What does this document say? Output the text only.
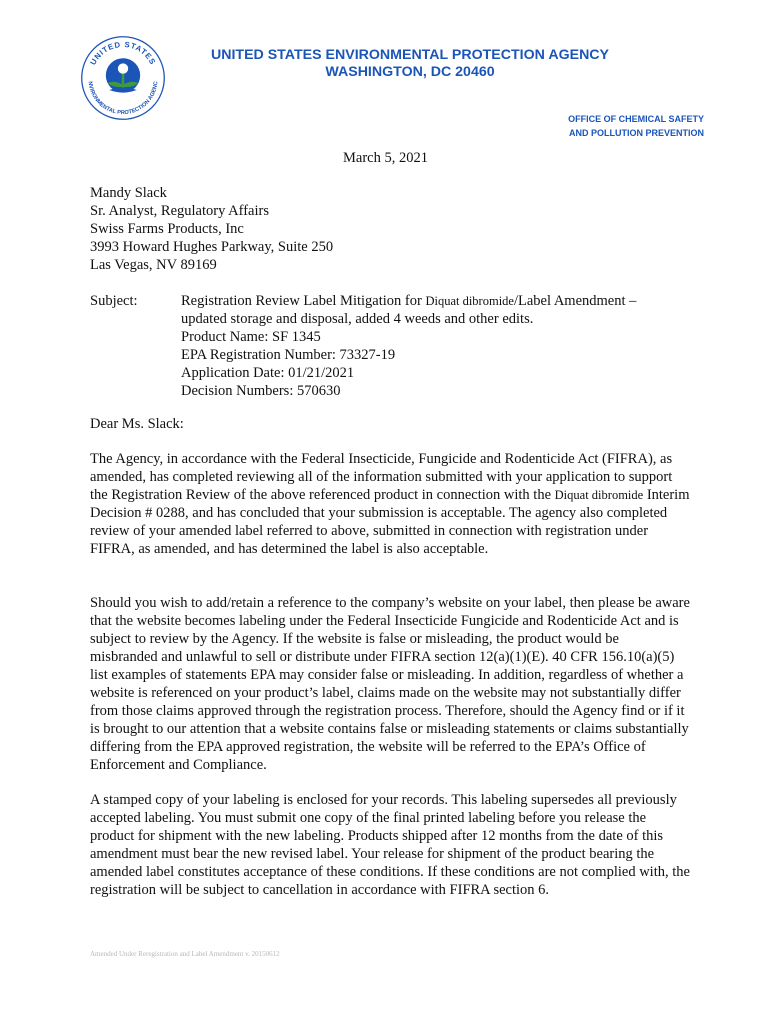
UNITED STATES
NVIRONMENTAL PROTECTION AGENC
UNITED STATES ENVIRONMENTAL PROTECTION AGENCY

WASHINGTON, DC 20460
OFFICE OF CHEMICAL SAFETY
AND POLLUTION PREVENTION
March 5, 2021
Mandy Slack
Sr. Analyst, Regulatory Affairs
Swiss Farms Products, Inc
3993 Howard Hughes Parkway, Suite 250
Las Vegas, NV 89169
Subject:	Registration Review Label Mitigation for Diquat dibromide/Label Amendment –
updated storage and disposal, added 4 weeds and other edits.
Product Name: SF 1345
EPA Registration Number: 73327-19
Application Date: 01/21/2021
Decision Numbers: 570630
Dear Ms. Slack:

The Agency, in accordance with the Federal Insecticide, Fungicide and Rodenticide Act (FIFRA), as amended, has completed reviewing all of the information submitted with your application to support the Registration Review of the above referenced product in connection with the Diquat dibromide Interim Decision # 0288, and has concluded that your submission is acceptable. The agency also completed review of your amended label referred to above, submitted in connection with registration under FIFRA, as amended, and has determined the label is also acceptable.

Should you wish to add/retain a reference to the company’s website on your label, then please be aware that the website becomes labeling under the Federal Insecticide Fungicide and Rodenticide Act and is subject to review by the Agency. If the website is false or misleading, the product would be misbranded and unlawful to sell or distribute under FIFRA section 12(a)(1)(E). 40 CFR 156.10(a)(5) list examples of statements EPA may consider false or misleading. In addition, regardless of whether a website is referenced on your product’s label, claims made on the website may not substantially differ from those claims approved through the registration process. Therefore, should the Agency find or if it is brought to our attention that a website contains false or misleading statements or claims substantially differing from the EPA approved registration, the website will be referred to the EPA’s Office of Enforcement and Compliance.

A stamped copy of your labeling is enclosed for your records. This labeling supersedes all previously accepted labeling. You must submit one copy of the final printed labeling before you release the product for shipment with the new labeling. Products shipped after 12 months from the date of this amendment must bear the new revised label. Your release for shipment of the product bearing the amended label constitutes acceptance of these conditions. If these conditions are not complied with, the registration will be subject to cancellation in accordance with FIFRA section 6.

Amended Under Reregistration and Label Amendment v. 20150612
